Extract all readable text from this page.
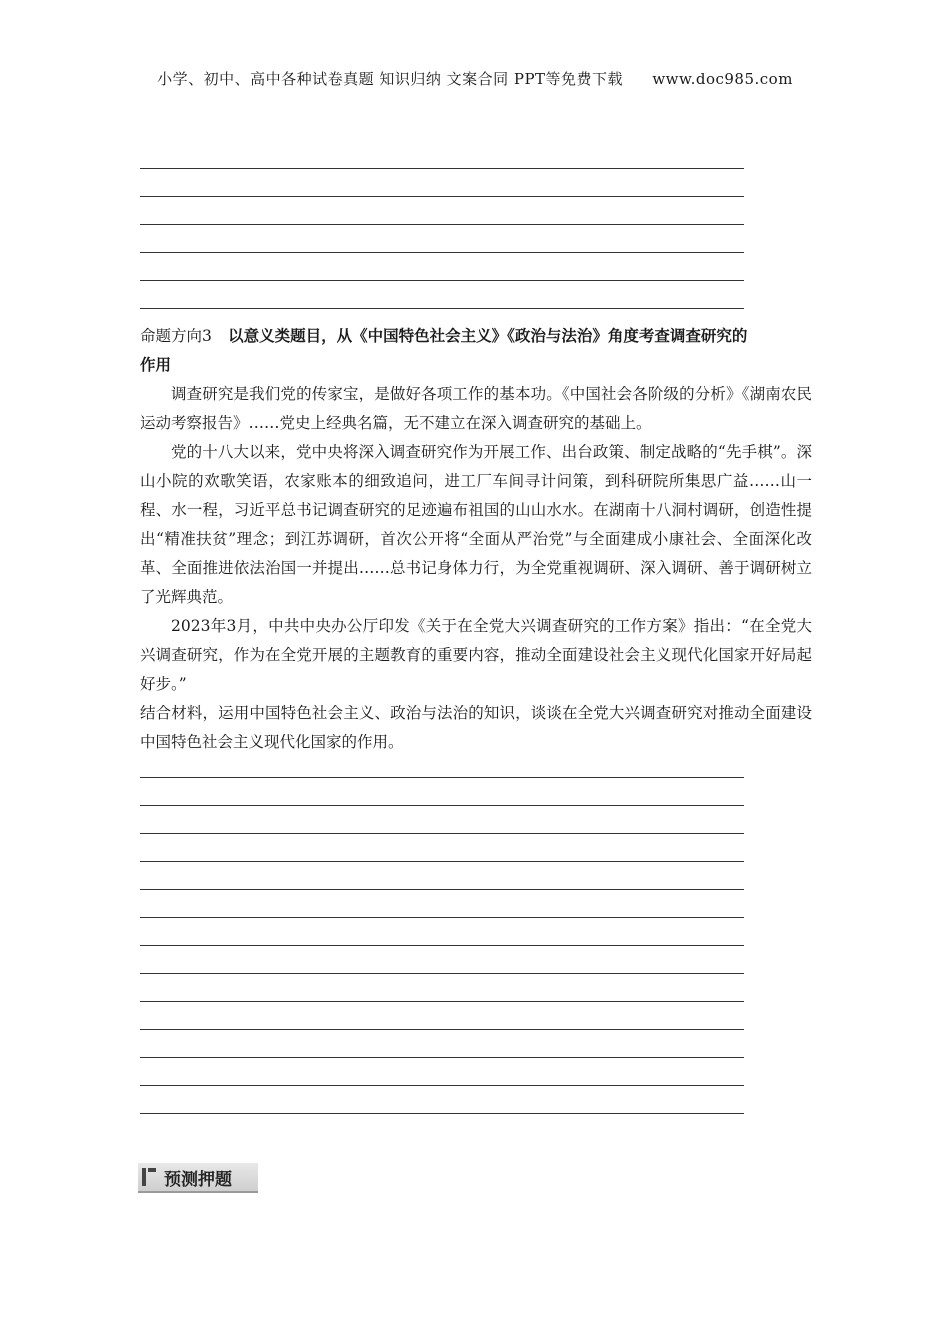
小学、初中、高中各种试卷真题 知识归纳 文案合同 PPT等免费下载 www.doc985.com

命题方向3 以意义类题目，从《中国特色社会主义》《政治与法治》角度考查调查研究的
作用

调查研究是我们党的传家宝，是做好各项工作的基本功。《中国社会各阶级的分析》《湖南农民运动考察报告》……党史上经典名篇，无不建立在深入调查研究的基础上。

党的十八大以来，党中央将深入调查研究作为开展工作、出台政策、制定战略的“先手棋”。深山小院的欢歌笑语，农家账本的细致追问，进工厂车间寻计问策，到科研院所集思广益……山一程、水一程，习近平总书记调查研究的足迹遍布祖国的山山水水。在湖南十八洞村调研，创造性提出“精准扶贫”理念；到江苏调研，首次公开将“全面从严治党”与全面建成小康社会、全面深化改革、全面推进依法治国一并提出……总书记身体力行，为全党重视调研、深入调研、善于调研树立了光辉典范。

2023年3月，中共中央办公厅印发《关于在全党大兴调查研究的工作方案》指出：“在全党大兴调查研究，作为在全党开展的主题教育的重要内容，推动全面建设社会主义现代化国家开好局起好步。”

结合材料，运用中国特色社会主义、政治与法治的知识，谈谈在全党大兴调查研究对推动全面建设中国特色社会主义现代化国家的作用。

预测押题
